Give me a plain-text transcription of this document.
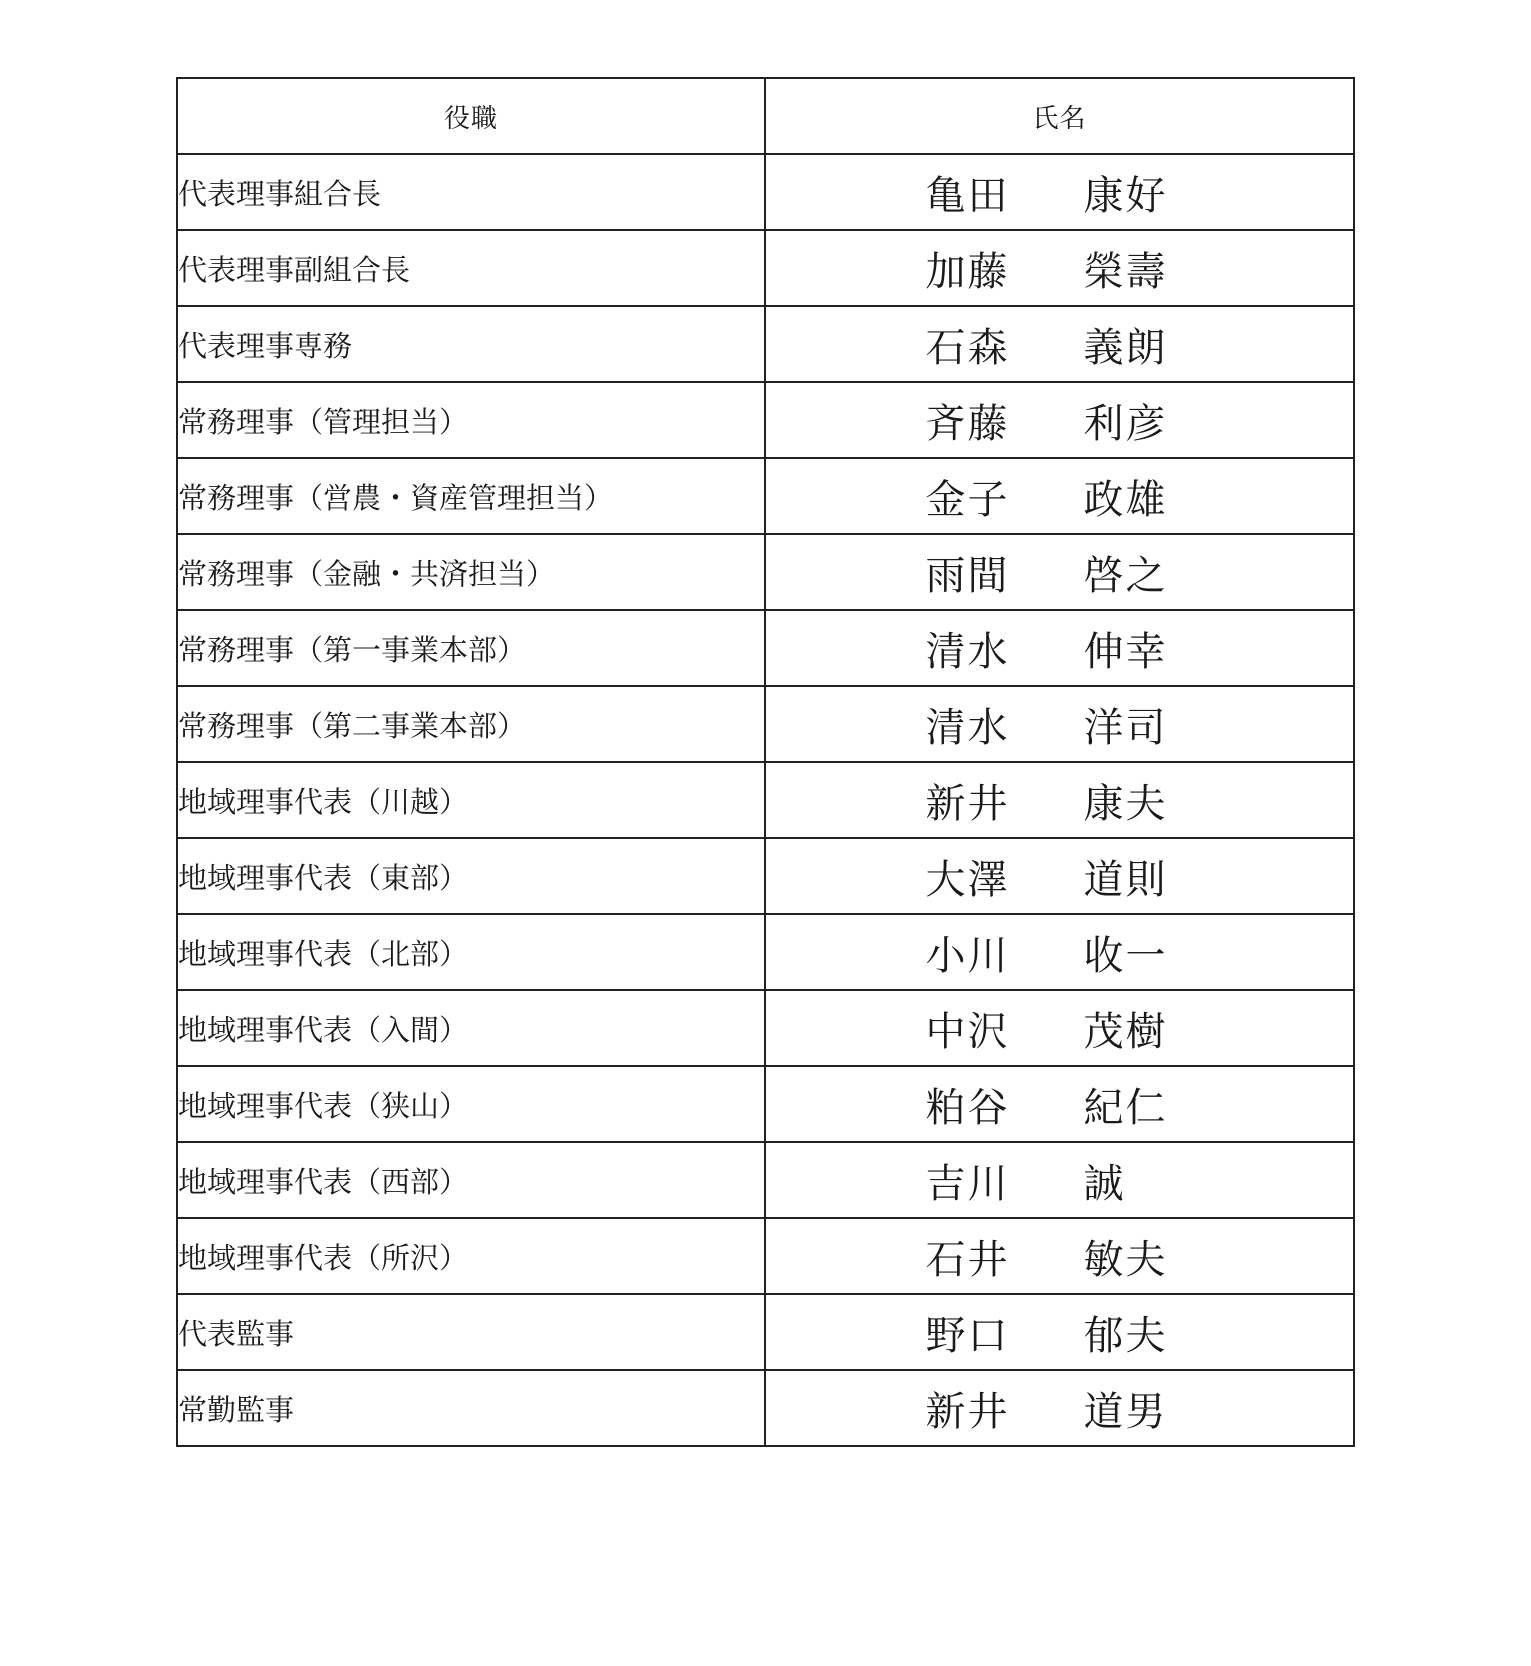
役職	氏名
代表理事組合長	亀田 康好
代表理事副組合長	加藤 榮壽
代表理事専務	石森 義朗
常務理事（管理担当）	斉藤 利彦
常務理事（営農・資産管理担当）	金子 政雄
常務理事（金融・共済担当）	雨間 啓之
常務理事（第一事業本部）	清水 伸幸
常務理事（第二事業本部）	清水 洋司
地域理事代表（川越）	新井 康夫
地域理事代表（東部）	大澤 道則
地域理事代表（北部）	小川 收一
地域理事代表（入間）	中沢 茂樹
地域理事代表（狭山）	粕谷 紀仁
地域理事代表（西部）	吉川 誠
地域理事代表（所沢）	石井 敏夫
代表監事	野口 郁夫
常勤監事	新井 道男
